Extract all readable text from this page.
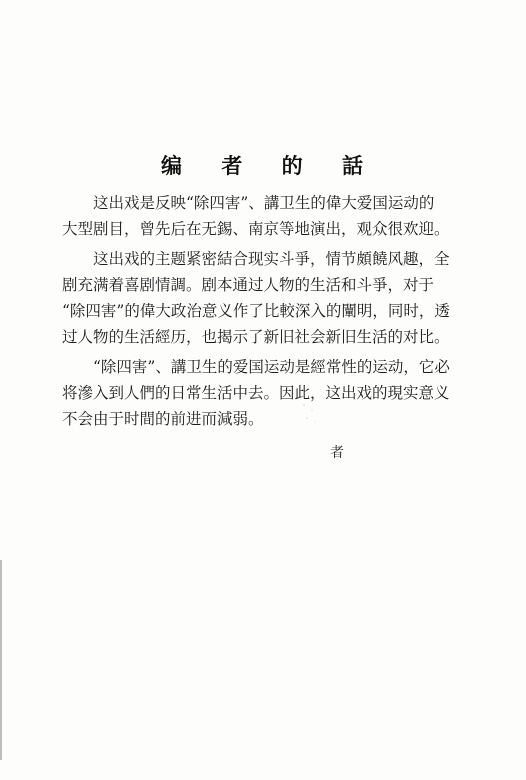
编 者 的 話
这出戏是反映“除四害”、講卫生的偉大爱国运动的
大型剧目，曾先后在无錫、南京等地演出，观众很欢迎。
这出戏的主题紧密結合现实斗爭，情节頗饒风趣，全
剧充满着喜剧情調。剧本通过人物的生活和斗爭，对于
“除四害”的偉大政治意义作了比較深入的闡明，同时，透
过人物的生活經历，也揭示了新旧社会新旧生活的对比。
“除四害”、講卫生的爱国运动是經常性的运动，它必
将滲入到人們的日常生活中去。因此，这出戏的現实意义
不会由于时間的前进而減弱。
者
